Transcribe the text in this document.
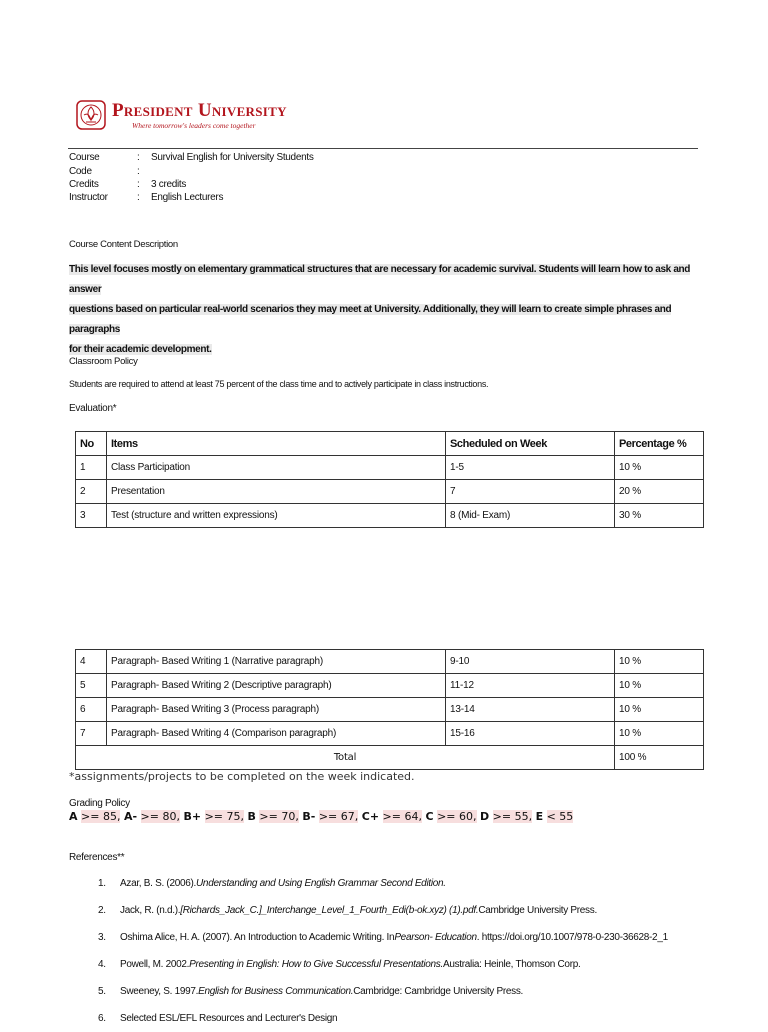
President University
Where tomorrow's leaders come together
Course	:	Survival English for University Students
Code	:
Credits	:	3 credits
Instructor	:	English Lecturers
Course Content Description
This level focuses mostly on elementary grammatical structures that are necessary for academic survival. Students will learn how to ask and answer
questions based on particular real-world scenarios they may meet at University. Additionally, they will learn to create simple phrases and paragraphs
for their academic development.
Classroom Policy
Students are required to attend at least 75 percent of the class time and to actively participate in class instructions.
Evaluation*
No	Items	Scheduled on Week	Percentage %
1	Class Participation	1-5	10 %
2	Presentation	7	20 %
3	Test (structure and written expressions)	8 (Mid- Exam)	30 %
4	Paragraph- Based Writing 1 (Narrative paragraph)	9-10	10 %
5	Paragraph- Based Writing 2 (Descriptive paragraph)	11-12	10 %
6	Paragraph- Based Writing 3 (Process paragraph)	13-14	10 %
7	Paragraph- Based Writing 4 (Comparison paragraph)	15-16	10 %
Total			100 %
*assignments/projects to be completed on the week indicated.
Grading Policy
A >= 85, A- >= 80, B+ >= 75, B >= 70, B- >= 67, C+ >= 64, C >= 60, D >= 55, E < 55
References**
1.	Azar, B. S. (2006). Understanding and Using English Grammar Second Edition.
2.	Jack, R. (n.d.). [Richards_Jack_C.]_Interchange_Level_1_Fourth_Edi(b-ok.xyz) (1).pdf. Cambridge University Press.
3.	Oshima Alice, H. A. (2007). An Introduction to Academic Writing. In Pearson- Education . https://doi.org/10.1007/978-0-230-36628-2_1
4.	Powell, M. 2002. Presenting in English: How to Give Successful Presentations. Australia: Heinle, Thomson Corp.
5.	Sweeney, S. 1997. English for Business Communication. Cambridge: Cambridge University Press.
6.	Selected ESL/EFL Resources and Lecturer's Design
